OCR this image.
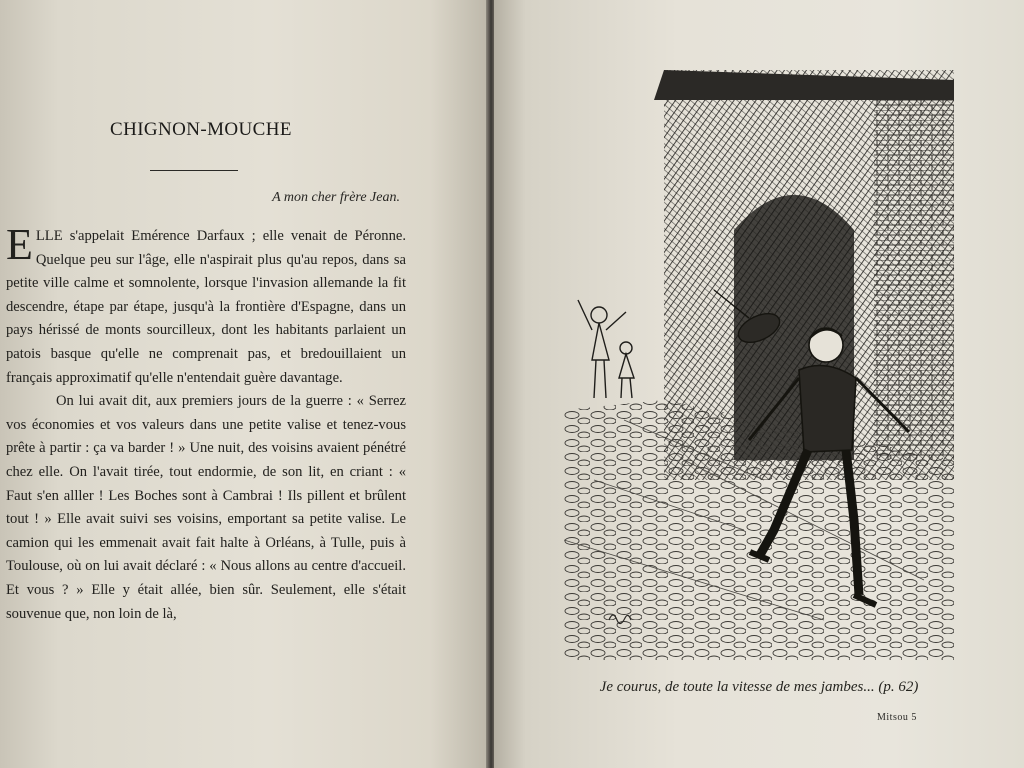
CHIGNON-MOUCHE
A mon cher frère Jean.

ELLE s'appelait Emérence Darfaux ; elle venait de Péronne. Quelque peu sur l'âge, elle n'aspirait plus qu'au repos, dans sa petite ville calme et somnolente, lorsque l'invasion allemande la fit descendre, étape par étape, jusqu'à la frontière d'Espagne, dans un pays hérissé de monts sourcilleux, dont les habitants parlaient un patois basque qu'elle ne comprenait pas, et bredouillaient un français approximatif qu'elle n'entendait guère davantage.

On lui avait dit, aux premiers jours de la guerre : « Serrez vos économies et vos valeurs dans une petite valise et tenez-vous prête à partir : ça va barder ! » Une nuit, des voisins avaient pénétré chez elle. On l'avait tirée, tout endormie, de son lit, en criant : « Faut s'en alller ! Les Boches sont à Cambrai ! Ils pillent et brûlent tout ! » Elle avait suivi ses voisins, emportant sa petite valise. Le camion qui les emmenait avait fait halte à Orléans, à Tulle, puis à Toulouse, où on lui avait déclaré : « Nous allons au centre d'accueil. Et vous ? » Elle y était allée, bien sûr. Seulement, elle s'était souvenue que, non loin de là,

Je courus, de toute la vitesse de mes jambes... (p. 62)
Mitsou 5
